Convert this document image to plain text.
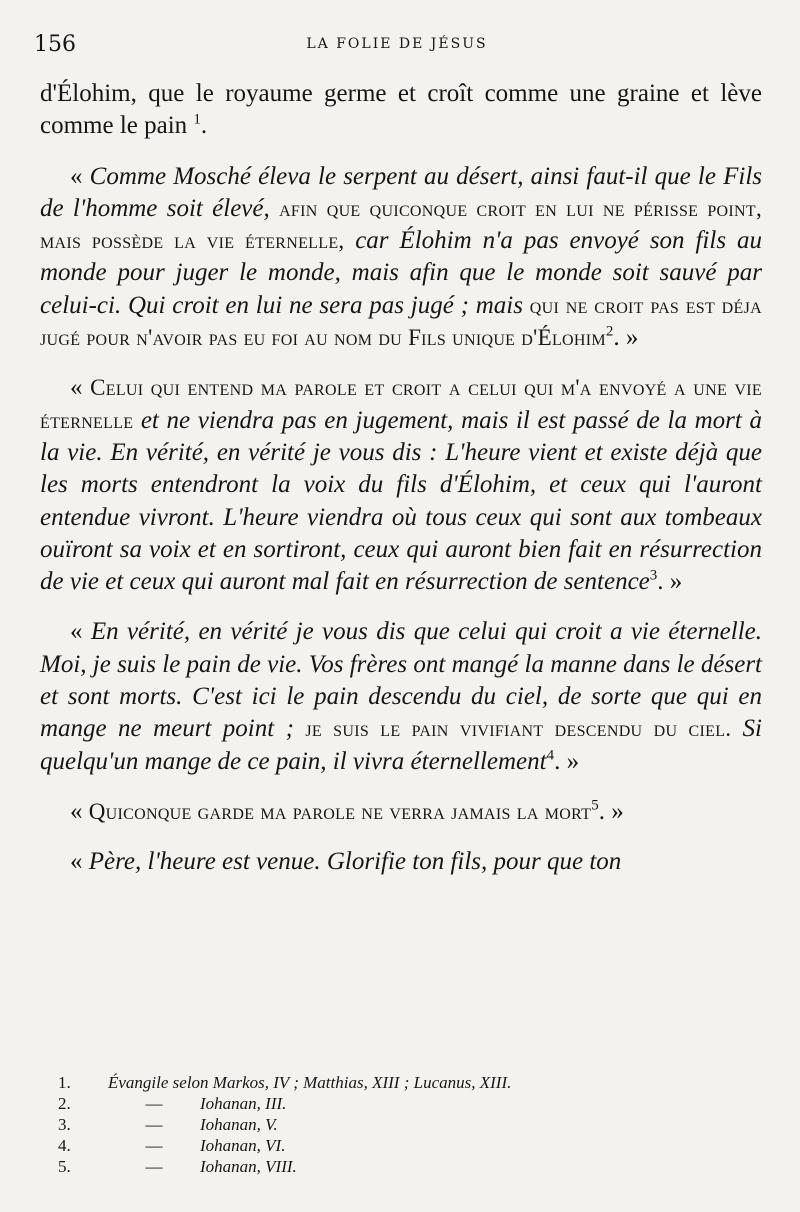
156	LA FOLIE DE JÉSUS

d'Élohim, que le royaume germe et croît comme une graine et lève comme le pain $^1$.

« Comme Mosché éleva le serpent au désert, ainsi faut-il que le Fils de l'homme soit élevé, afin que quiconque croit en lui ne périsse point, mais possède la vie éternelle, car Élohim n'a pas envoyé son fils au monde pour juger le monde, mais afin que le monde soit sauvé par celui-ci. Qui croit en lui ne sera pas jugé ; mais qui ne croit pas est déja jugé pour n'avoir pas eu foi au nom du Fils unique d'Élohim$^2$. »

« Celui qui entend ma parole et croit a celui qui m'a envoyé a une vie éternelle et ne viendra pas en jugement, mais il est passé de la mort à la vie. En vérité, en vérité je vous dis : L'heure vient et existe déjà que les morts entendront la voix du fils d'Élohim, et ceux qui l'auront entendue vivront. L'heure viendra où tous ceux qui sont aux tombeaux ouïront sa voix et en sortiront, ceux qui auront bien fait en résurrection de vie et ceux qui auront mal fait en résurrection de sentence$^3$. »

« En vérité, en vérité je vous dis que celui qui croit a vie éternelle. Moi, je suis le pain de vie. Vos frères ont mangé la manne dans le désert et sont morts. C'est ici le pain descendu du ciel, de sorte que qui en mange ne meurt point ; je suis le pain vivifiant descendu du ciel. Si quelqu'un mange de ce pain, il vivra éternellement$^4$. »

« Quiconque garde ma parole ne verra jamais la mort$^5$. »

« Père, l'heure est venue. Glorifie ton fils, pour que ton

1.	Évangile selon Markos, IV ; Matthias, XIII ; Lucanus, XIII.
2.	—	Iohanan, III.
3.	—	Iohanan, V.
4.	—	Iohanan, VI.
5.	—	Iohanan, VIII.
